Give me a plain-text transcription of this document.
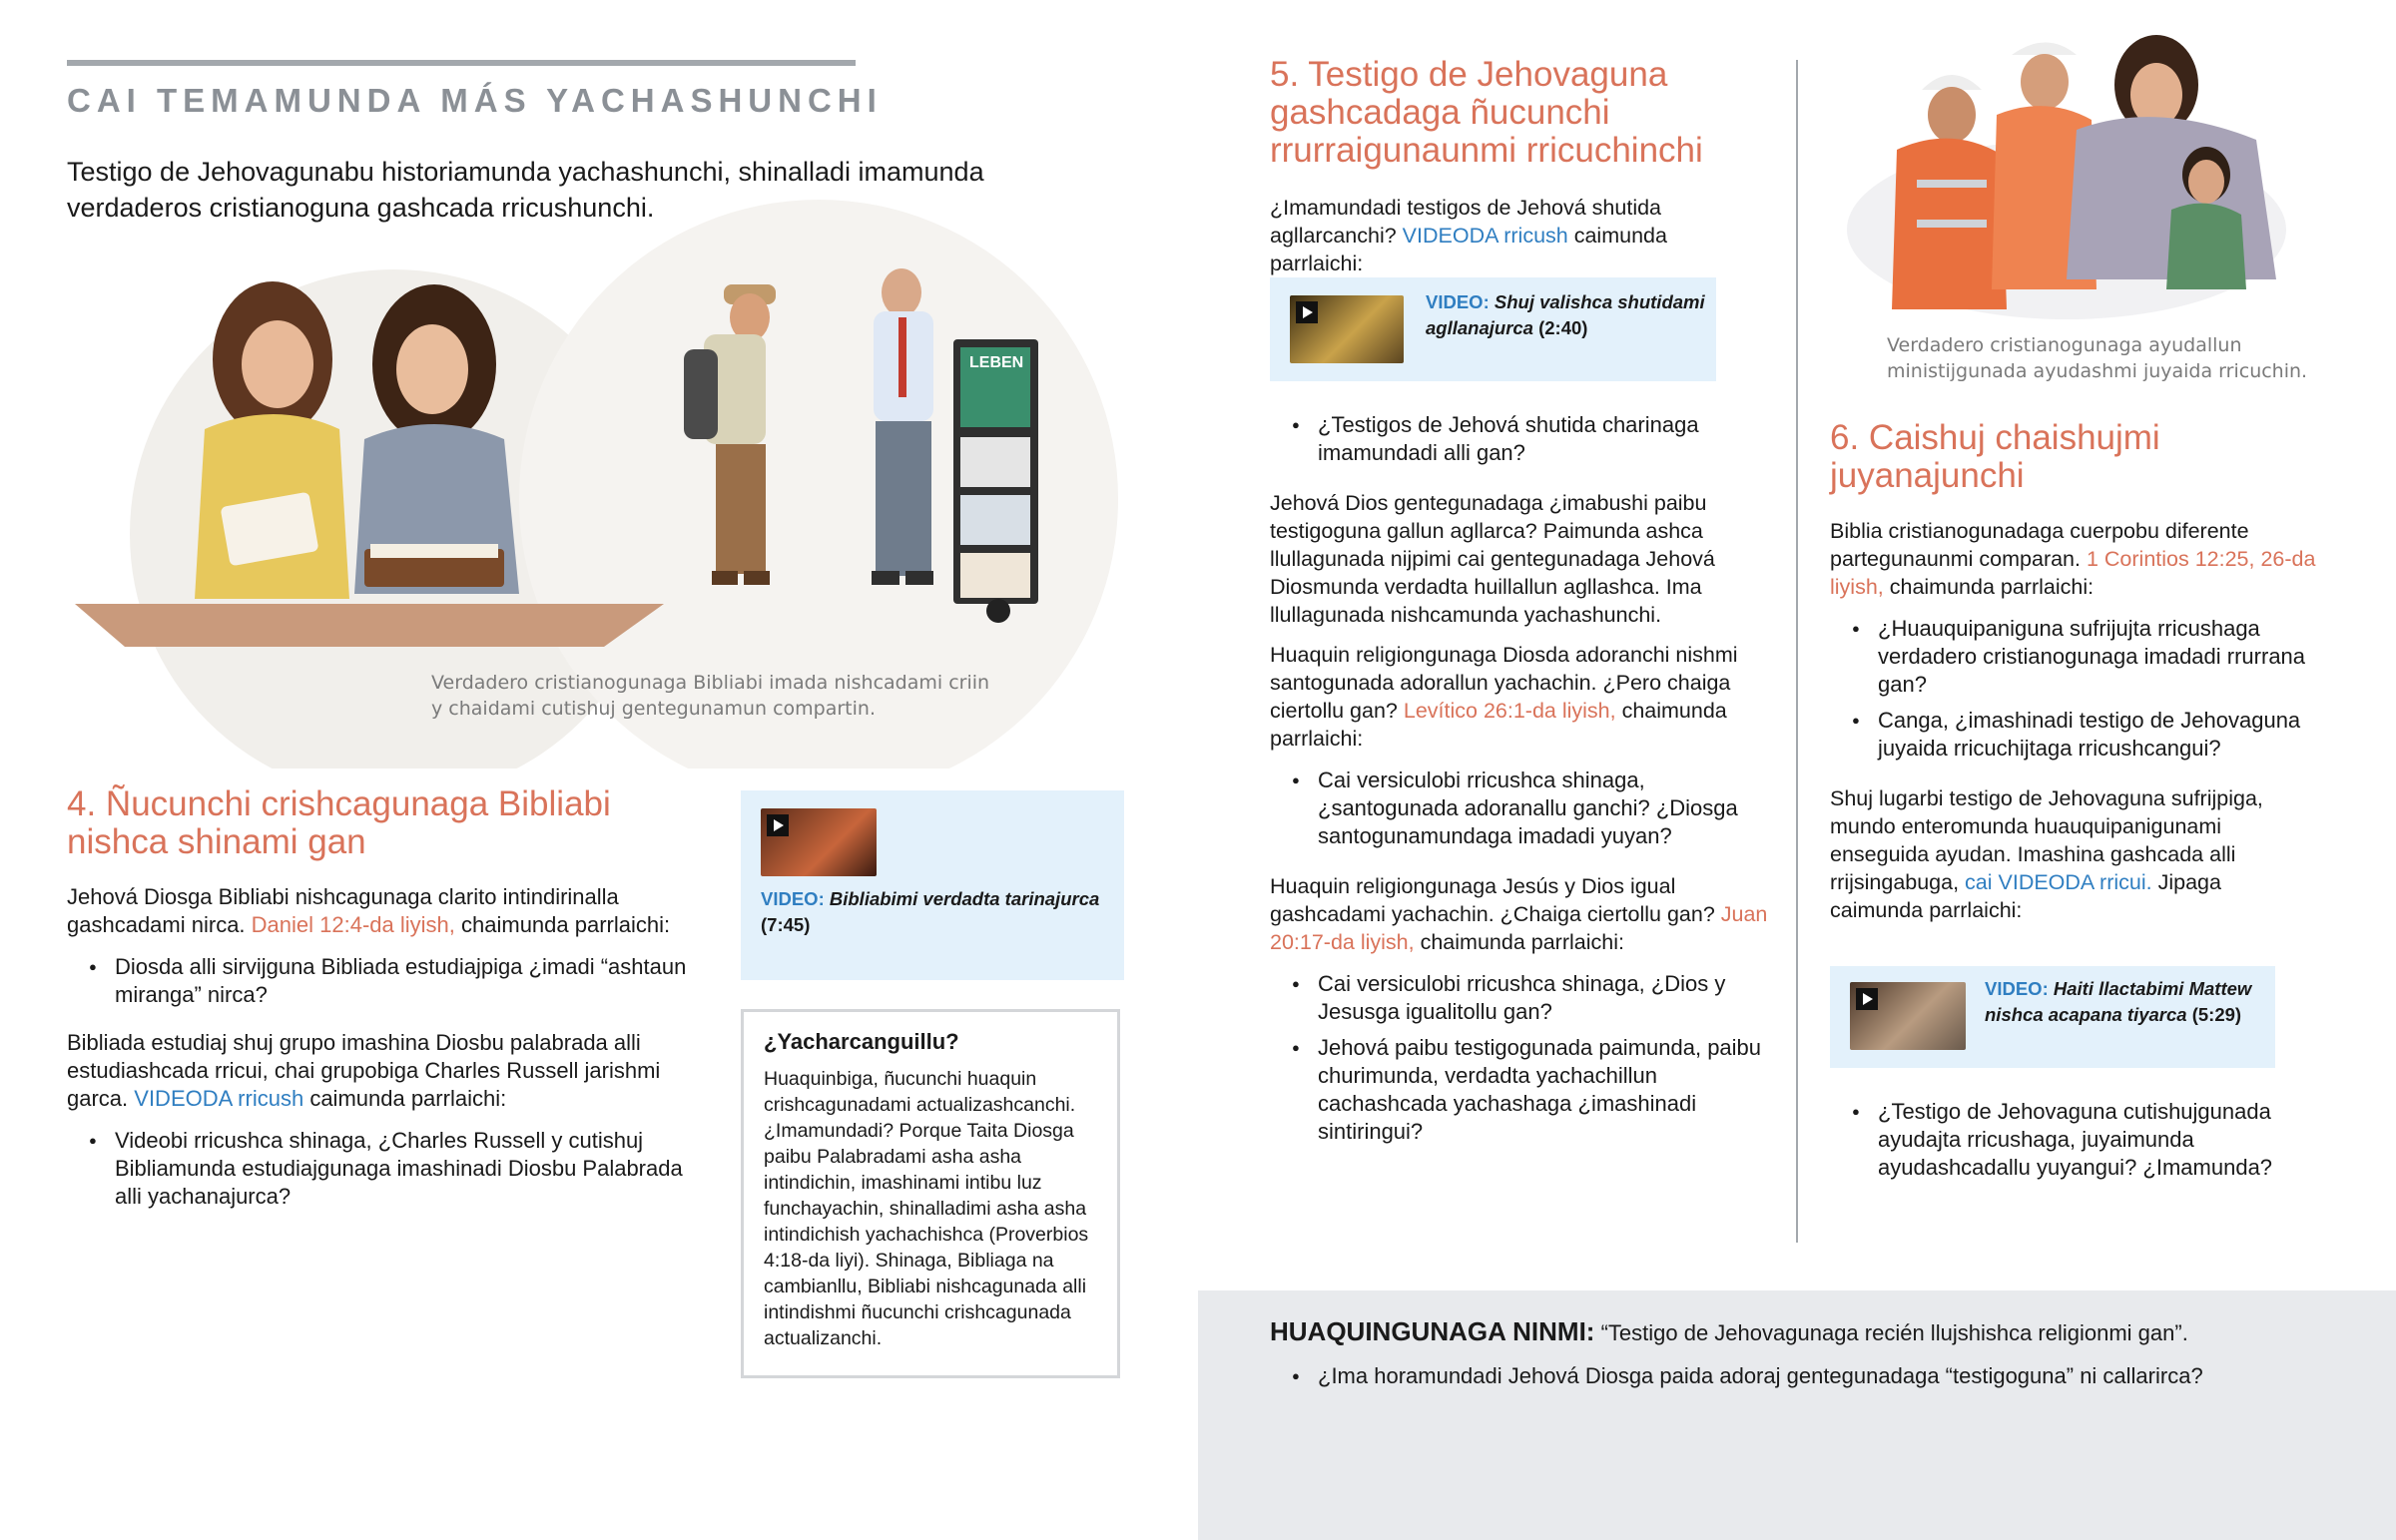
CAI TEMAMUNDA MÁS YACHASHUNCHI

Testigo de Jehovagunabu historiamunda yachashunchi, shinalladi imamunda verdaderos cristianoguna gashcada rricushunchi.

LEBEN
Verdadero cristianogunaga Bibliabi imada nishcadami criin
y chaidami cutishuj gentegunamun compartin.
4. Ñucunchi crishcagunaga Bibliabi
nishca shinami gan

Jehová Diosga Bibliabi nishcagunaga clarito intindirinalla gashcadami nirca. Daniel 12:4-da liyish, chaimunda parrlaichi:

● Diosda alli sirvijguna Bibliada estudiajpiga ¿imadi “ashtaun miranga” nirca?

Bibliada estudiaj shuj grupo imashina Diosbu palabrada alli estudiashcada rricui, chai grupobiga Charles Russell jarishmi garca. VIDEODA rricush caimunda parrlaichi:

● Videobi rricushca shinaga, ¿Charles Russell y cutishuj Bibliamunda estudiajgunaga imashinadi Diosbu Palabrada alli yachanajurca?
VIDEO: Bibliabimi verdadta tarinajurca (7:45)
¿Yacharcanguillu?
Huaquinbiga, ñucunchi huaquin crishcagunadami actualizashcanchi. ¿Imamundadi? Porque Taita Diosga paibu Palabradami asha asha intindichin, imashinami intibu luz funchayachin, shinalladimi asha asha intindichish yachachishca (Proverbios 4:18-da liyi). Shinaga, Bibliaga na cambianllu, Bibliabi nishcagunada alli intindishmi ñucunchi crishcagunada actualizanchi.
5. Testigo de Jehovaguna
gashcadaga ñucunchi
rrurraigunaunmi rricuchinchi

¿Imamundadi testigos de Jehová shutida agllarcanchi? VIDEODA rricush caimunda parrlaichi:

VIDEO: Shuj valishca shutidami agllanajurca (2:40)
● ¿Testigos de Jehová shutida charinaga imamundadi alli gan?

Jehová Dios gentegunadaga ¿imabushi paibu testigoguna gallun agllarca? Paimunda ashca llullagunada nijpimi cai gentegunadaga Jehová Diosmunda verdadta huillallun agllashca. Ima llullagunada nishcamunda yachashunchi.

Huaquin religiongunaga Diosda adoranchi nishmi santogunada adorallun yachachin. ¿Pero chaiga ciertollu gan? Levítico 26:1-da liyish, chaimunda parrlaichi:

● Cai versiculobi rricushca shinaga, ¿santogunada adoranallu ganchi? ¿Diosga santogunamundaga imadadi yuyan?

Huaquin religiongunaga Jesús y Dios igual gashcadami yachachin. ¿Chaiga ciertollu gan? Juan 20:17-da liyish, chaimunda parrlaichi:

● Cai versiculobi rricushca shinaga, ¿Dios y Jesusga igualitollu gan?
● Jehová paibu testigogunada paimunda, paibu churimunda, verdadta yachachillun cachashcada yachashaga ¿imashinadi sintiringui?
Verdadero cristianogunaga ayudallun
ministijgunada ayudashmi juyaida rricuchin.
6. Caishuj chaishujmi
juyanajunchi

Biblia cristianogunadaga cuerpobu diferente partegunaunmi comparan. 1 Corintios 12:25, 26-da liyish, chaimunda parrlaichi:

● ¿Huauquipaniguna sufrijujta rricushaga verdadero cristianogunaga imadadi rrurrana gan?
● Canga, ¿imashinadi testigo de Jehovaguna juyaida rricuchijtaga rricushcangui?

Shuj lugarbi testigo de Jehovaguna sufrijpiga, mundo enteromunda huauquipanigunami enseguida ayudan. Imashina gashcada alli rrijsingabuga, cai VIDEODA rricui. Jipaga caimunda parrlaichi:

VIDEO: Haiti llactabimi Mattew nishca acapana tiyarca (5:29)
● ¿Testigo de Jehovaguna cutishujgunada ayudajta rricushaga, juyaimunda ayudashcadallu yuyangui? ¿Imamunda?
HUAQUINGUNAGA NINMI: “Testigo de Jehovagunaga recién llujshishca religionmi gan”.
● ¿Ima horamundadi Jehová Diosga paida adoraj gentegunadaga “testigoguna” ni callarirca?
